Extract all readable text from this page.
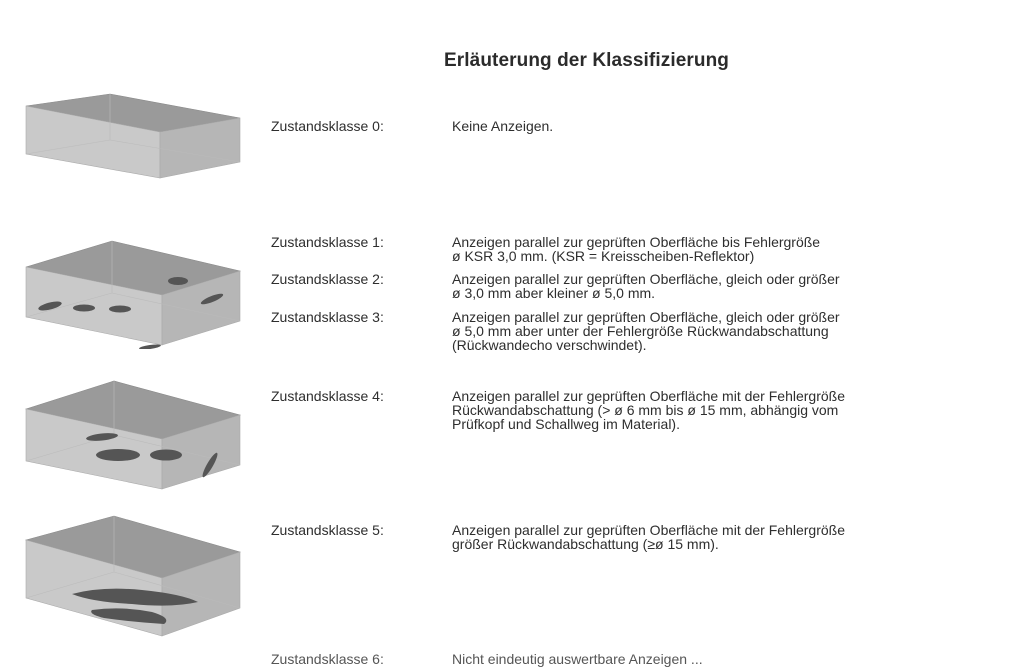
Erläuterung der Klassifizierung
Zustandsklasse 0:
Zustandsklasse 1:
Zustandsklasse 2:
Zustandsklasse 3:
Zustandsklasse 4:
Zustandsklasse 5:
Keine Anzeigen.
Anzeigen parallel zur geprüften Oberfläche bis Fehlergröße
ø KSR 3,0 mm. (KSR = Kreisscheiben-Reflektor)
Anzeigen parallel zur geprüften Oberfläche, gleich oder größer
ø 3,0 mm aber kleiner ø 5,0 mm.
Anzeigen parallel zur geprüften Oberfläche, gleich oder größer
ø 5,0 mm aber unter der Fehlergröße Rückwandabschattung
(Rückwandecho verschwindet).
Anzeigen parallel zur geprüften Oberfläche mit der Fehlergröße
Rückwandabschattung (> ø 6 mm bis ø 15 mm, abhängig vom
Prüfkopf und Schallweg im Material).
Anzeigen parallel zur geprüften Oberfläche mit der Fehlergröße
größer Rückwandabschattung (≥ø 15 mm).
Zustandsklasse 6:	Nicht eindeutig auswertbare Anzeigen ...
